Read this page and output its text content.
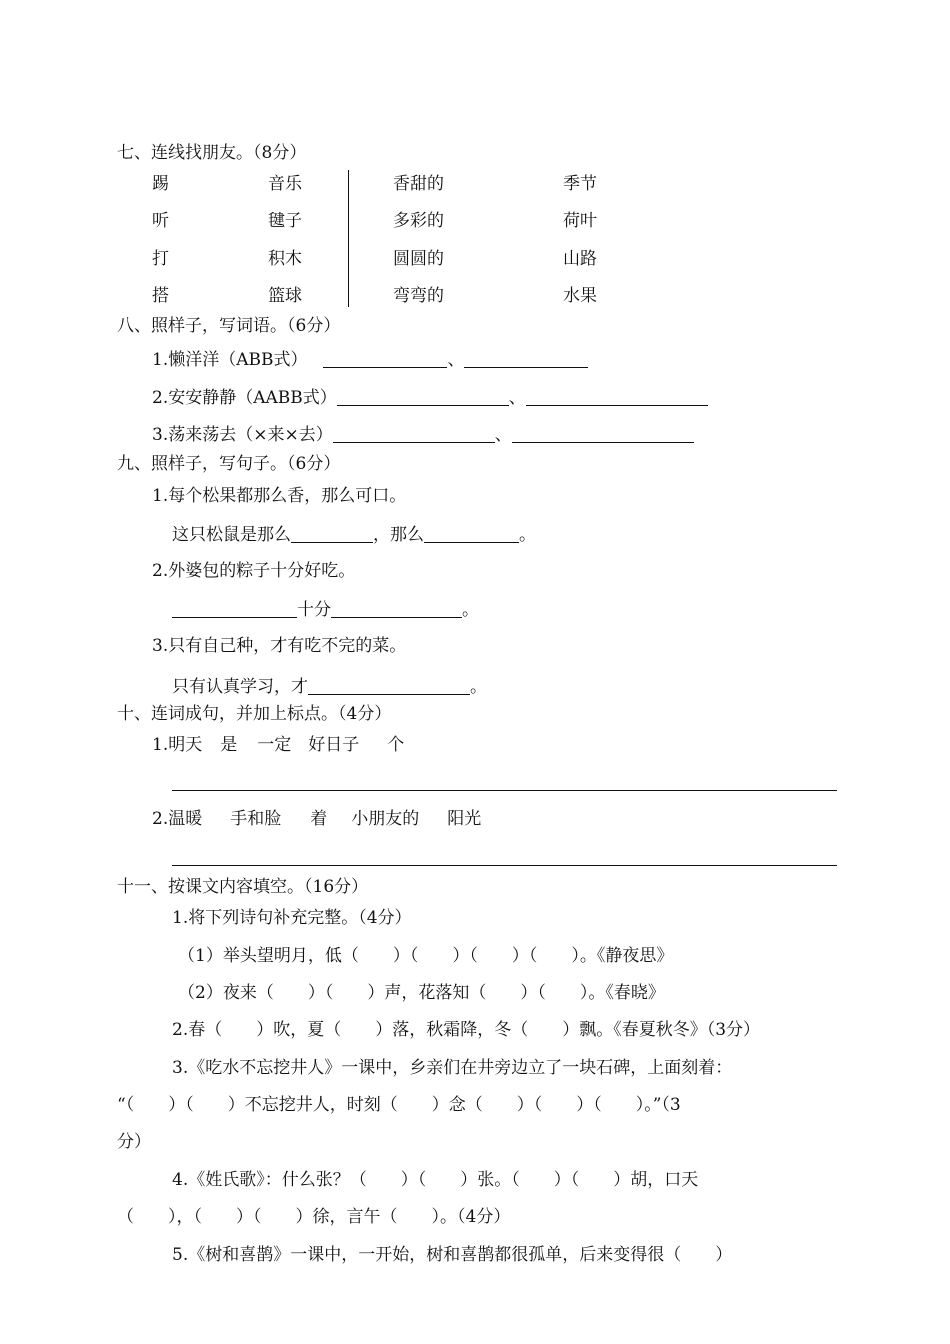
七、连线找朋友。（8分）
踢	音乐	香甜的	季节
听	毽子	多彩的	荷叶
打	积木	圆圆的	山路
搭	篮球	弯弯的	水果
八、照样子，写词语。（6分）
1.懒洋洋（ABB式）	、
2.安安静静（AABB式）	、
3.荡来荡去（×来×去）	、
九、照样子，写句子。（6分）
1.每个松果都那么香，那么可口。
这只松鼠是那么	，那么	。
2.外婆包的粽子十分好吃。
十分	。
3.只有自己种，才有吃不完的菜。
只有认真学习，才	。
十、连词成句，并加上标点。（4分）
1.明天 是 一定 好日子 个
2.温暖 手和脸 着 小朋友的 阳光
十一、按课文内容填空。（16分）
1.将下列诗句补充完整。（4分）
（1）举头望明月，低（　　）（　　）（　　）（　　）。《静夜思》
（2）夜来（　　）（　　）声，花落知（　　）（　　）。《春晓》
2.春（　　）吹，夏（　　）落，秋霜降，冬（　　）飘。《春夏秋冬》（3分）
3.《吃水不忘挖井人》一课中，乡亲们在井旁边立了一块石碑，上面刻着：
“（　　）（　　）不忘挖井人，时刻（　　）念（　　）（　　）（　　）。”（3
分）
4.《姓氏歌》：什么张？（　　）（　　）张。（　　）（　　）胡，口天
（　　），（　　）（　　）徐，言午（　　）。（4分）
5.《树和喜鹊》一课中，一开始，树和喜鹊都很孤单，后来变得很（　　）
